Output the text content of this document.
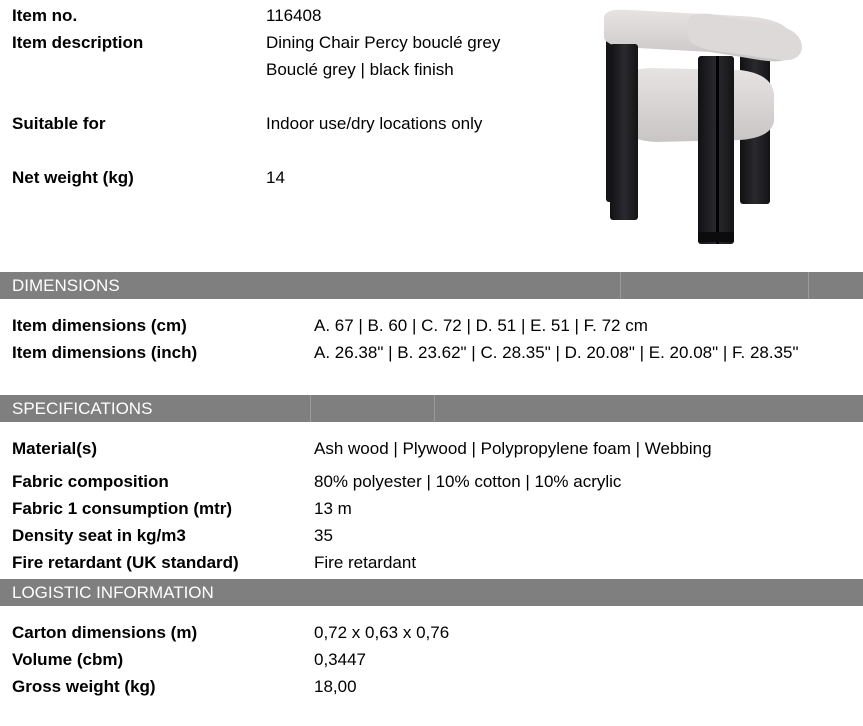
Item no.	116408
Item description	Dining Chair Percy bouclé grey
Bouclé grey | black finish
Suitable for	Indoor use/dry locations only
Net weight (kg)	14
DIMENSIONS
Item dimensions (cm)	A. 67 | B. 60 | C. 72 | D. 51 | E. 51 | F. 72 cm
Item dimensions (inch)	A. 26.38" | B. 23.62" | C. 28.35" | D. 20.08" | E. 20.08" | F. 28.35"
SPECIFICATIONS
Material(s)	Ash wood | Plywood | Polypropylene foam | Webbing
Fabric composition	80% polyester | 10% cotton | 10% acrylic
Fabric 1 consumption (mtr)	13 m
Density seat in kg/m3	35
Fire retardant (UK standard)	Fire retardant
LOGISTIC INFORMATION
Carton dimensions (m)	0,72 x 0,63 x 0,76
Volume (cbm)	0,3447
Gross weight (kg)	18,00
